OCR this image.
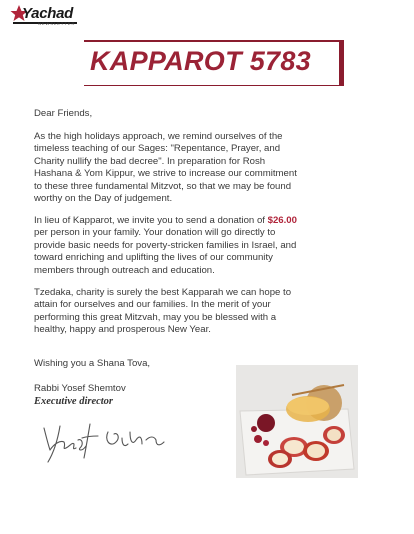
Yachad
NEWSLETTER
KAPPAROT 5783
Dear Friends,
As the high holidays approach, we remind ourselves of the
timeless teaching of our Sages: "Repentance, Prayer, and
Charity nullify the bad decree". In preparation for Rosh
Hashana & Yom Kippur, we strive to increase our commitment
to these three fundamental Mitzvot, so that we may be found
worthy on the Day of judgement.
In lieu of Kapparot, we invite you to send a donation of $26.00
per person in your family. Your donation will go directly to
provide basic needs for poverty-stricken families in Israel, and
toward enriching and uplifting the lives of our community
members through outreach and education.
Tzedaka, charity is surely the best Kapparah we can hope to
attain for ourselves and our families. In the merit of your
performing this great Mitzvah, may you be blessed with a
healthy, happy and prosperous New Year.
Wishing you a Shana Tova,
Rabbi Yosef Shemtov
Executive director
